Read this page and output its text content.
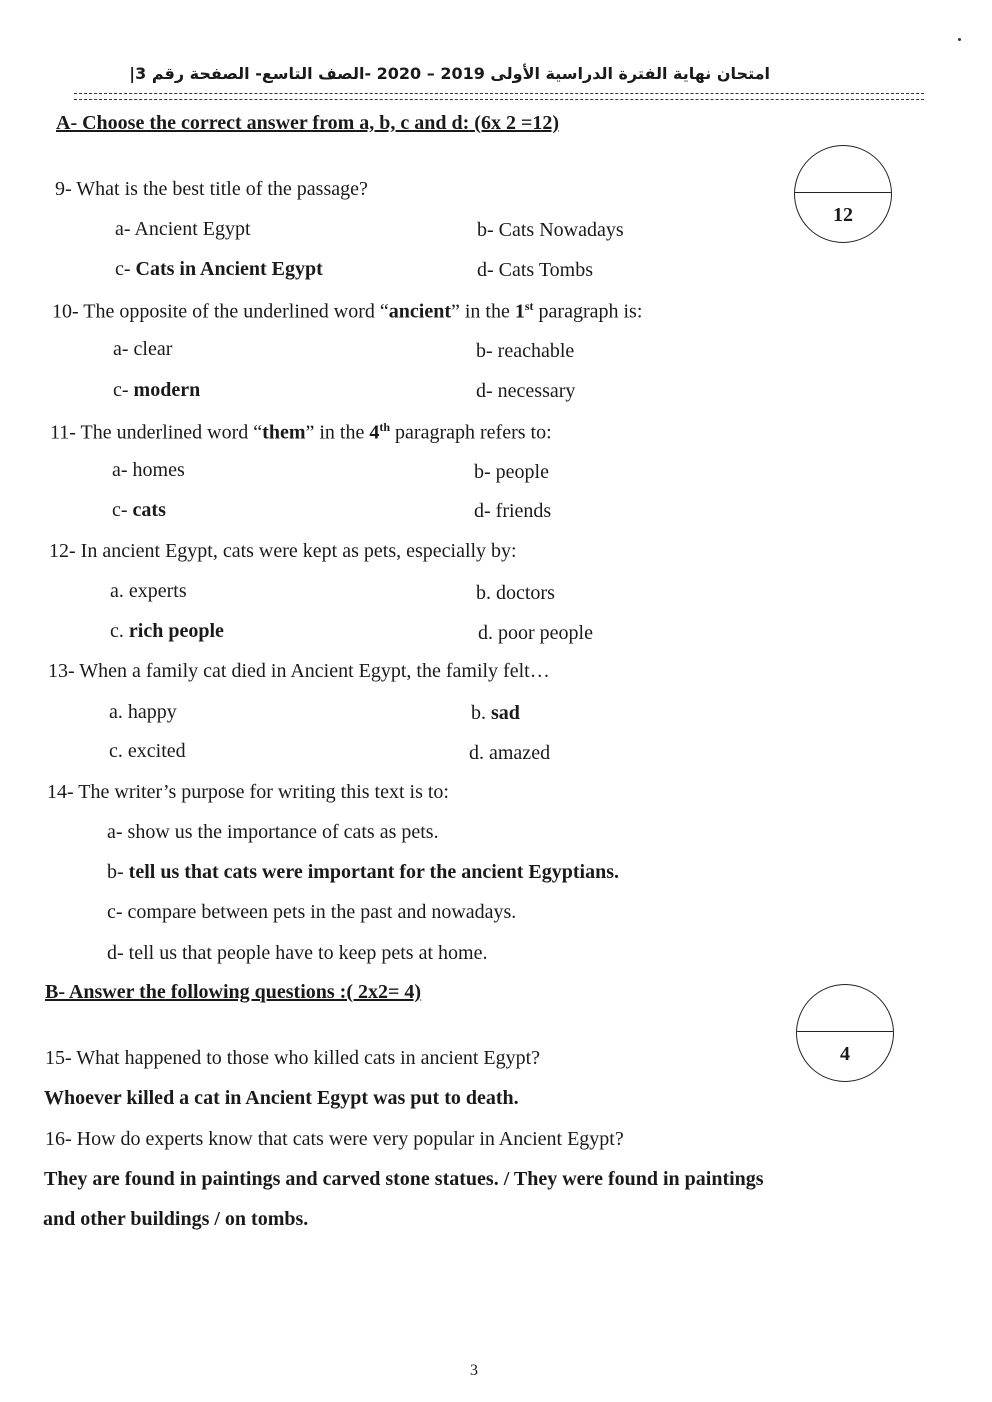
امتحان نهاية الفترة الدراسية الأولى 2019 – 2020 -الصف التاسع- الصفحة رقم 3|
A- Choose the correct answer from a, b, c and d: (6x 2 =12)
12
9- What is the best title of the passage?
a- Ancient Egypt	b- Cats Nowadays
c- Cats in Ancient Egypt	d- Cats Tombs
10- The opposite of the underlined word “ancient” in the 1st paragraph is:
a- clear	b- reachable
c- modern	d- necessary
11- The underlined word “them” in the 4th paragraph refers to:
a- homes	b- people
c- cats	d- friends
12- In ancient Egypt, cats were kept as pets, especially by:
a. experts	b. doctors
c. rich people	d. poor people
13- When a family cat died in Ancient Egypt, the family felt…
a. happy	b. sad
c. excited	d. amazed
14- The writer’s purpose for writing this text is to:
a- show us the importance of cats as pets.
b- tell us that cats were important for the ancient Egyptians.
c- compare between pets in the past and nowadays.
d- tell us that people have to keep pets at home.
B- Answer the following questions :( 2x2= 4)
4
15- What happened to those who killed cats in ancient Egypt?
Whoever killed a cat in Ancient Egypt was put to death.
16- How do experts know that cats were very popular in Ancient Egypt?
They are found in paintings and carved stone statues. / They were found in paintings
and other buildings / on tombs.
3
